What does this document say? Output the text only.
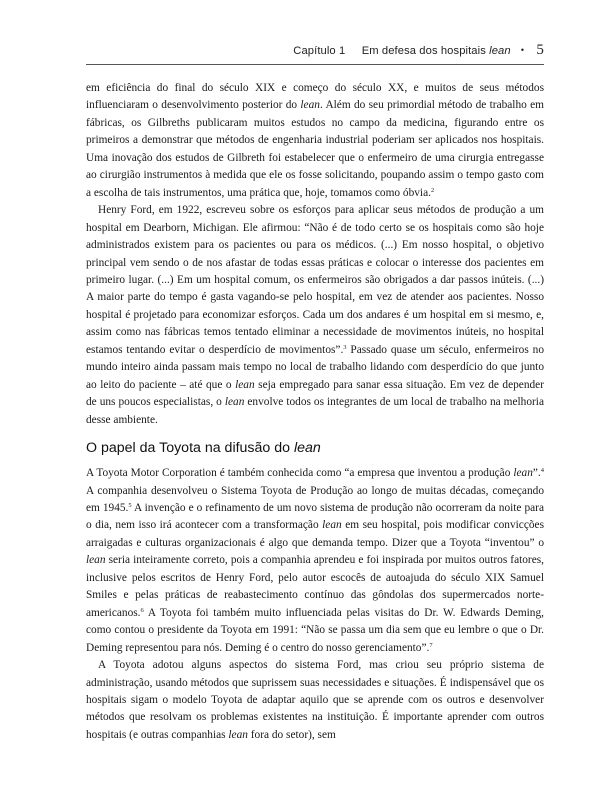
Capítulo 1 Em defesa dos hospitais lean • 5

em eficiência do final do século XIX e começo do século XX, e muitos de seus métodos influenciaram o desenvolvimento posterior do lean. Além do seu primordial método de trabalho em fábricas, os Gilbreths publicaram muitos estudos no campo da medicina, figurando entre os primeiros a demonstrar que métodos de engenharia industrial poderiam ser aplicados nos hospitais. Uma inovação dos estudos de Gilbreth foi estabelecer que o enfermeiro de uma cirurgia entregasse ao cirurgião instrumentos à medida que ele os fosse solicitando, poupando assim o tempo gasto com a escolha de tais instrumentos, uma prática que, hoje, tomamos como óbvia.$^2$

Henry Ford, em 1922, escreveu sobre os esforços para aplicar seus métodos de produção a um hospital em Dearborn, Michigan. Ele afirmou: “Não é de todo certo se os hospitais como são hoje administrados existem para os pacientes ou para os médicos. (...) Em nosso hospital, o objetivo principal vem sendo o de nos afastar de todas essas práticas e colocar o interesse dos pacientes em primeiro lugar. (...) Em um hospital comum, os enfermeiros são obrigados a dar passos inúteis. (...) A maior parte do tempo é gasta vagando-se pelo hospital, em vez de atender aos pacientes. Nosso hospital é projetado para economizar esforços. Cada um dos andares é um hospital em si mesmo, e, assim como nas fábricas temos tentado eliminar a necessidade de movimentos inúteis, no hospital estamos tentando evitar o desperdício de movimentos”.$^3$ Passado quase um século, enfermeiros no mundo inteiro ainda passam mais tempo no local de trabalho lidando com desperdício do que junto ao leito do paciente – até que o lean seja empregado para sanar essa situação. Em vez de depender de uns poucos especialistas, o lean envolve todos os integrantes de um local de trabalho na melhoria desse ambiente.

O papel da Toyota na difusão do lean

A Toyota Motor Corporation é também conhecida como “a empresa que inventou a produção lean”.$^4$ A companhia desenvolveu o Sistema Toyota de Produção ao longo de muitas décadas, começando em 1945.$^5$ A invenção e o refinamento de um novo sistema de produção não ocorreram da noite para o dia, nem isso irá acontecer com a transformação lean em seu hospital, pois modificar convicções arraigadas e culturas organizacionais é algo que demanda tempo. Dizer que a Toyota “inventou” o lean seria inteiramente correto, pois a companhia aprendeu e foi inspirada por muitos outros fatores, inclusive pelos escritos de Henry Ford, pelo autor escocês de autoajuda do século XIX Samuel Smiles e pelas práticas de reabastecimento contínuo das gôndolas dos supermercados norte-americanos.$^6$ A Toyota foi também muito influenciada pelas visitas do Dr. W. Edwards Deming, como contou o presidente da Toyota em 1991: “Não se passa um dia sem que eu lembre o que o Dr. Deming representou para nós. Deming é o centro do nosso gerenciamento”.$^7$

A Toyota adotou alguns aspectos do sistema Ford, mas criou seu próprio sistema de administração, usando métodos que suprissem suas necessidades e situações. É indispensável que os hospitais sigam o modelo Toyota de adaptar aquilo que se aprende com os outros e desenvolver métodos que resolvam os problemas existentes na instituição. É importante aprender com outros hospitais (e outras companhias lean fora do setor), sem
